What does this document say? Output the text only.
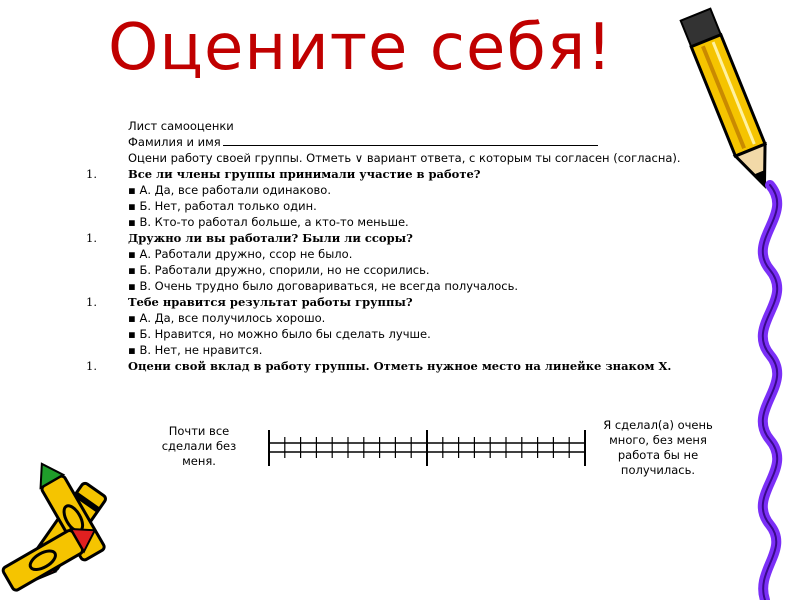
Оцените себя!
Лист самооценки
Фамилия и имя
Оцени работу своей группы. Отметь ∨ вариант ответа, с которым ты согласен (согласна).
1.	Все ли члены группы принимали участие в работе?
▪ А. Да, все работали одинаково.
▪ Б. Нет, работал только один.
▪ В. Кто-то работал больше, а кто-то меньше.
1.	Дружно ли вы работали? Были ли ссоры?
▪ А. Работали дружно, ссор не было.
▪ Б. Работали дружно, спорили, но не ссорились.
▪ В. Очень трудно было договариваться, не всегда получалось.
1.	Тебе нравится результат работы группы?
▪ А. Да, все получилось хорошо.
▪ Б. Нравится, но можно было бы сделать лучше.
▪ В. Нет, не нравится.
1.	Оцени свой вклад в работу группы. Отметь нужное место на линейке знаком Х.
Почти все сделали без меня.
Я сделал(а) очень много, без меня работа бы не получилась.
